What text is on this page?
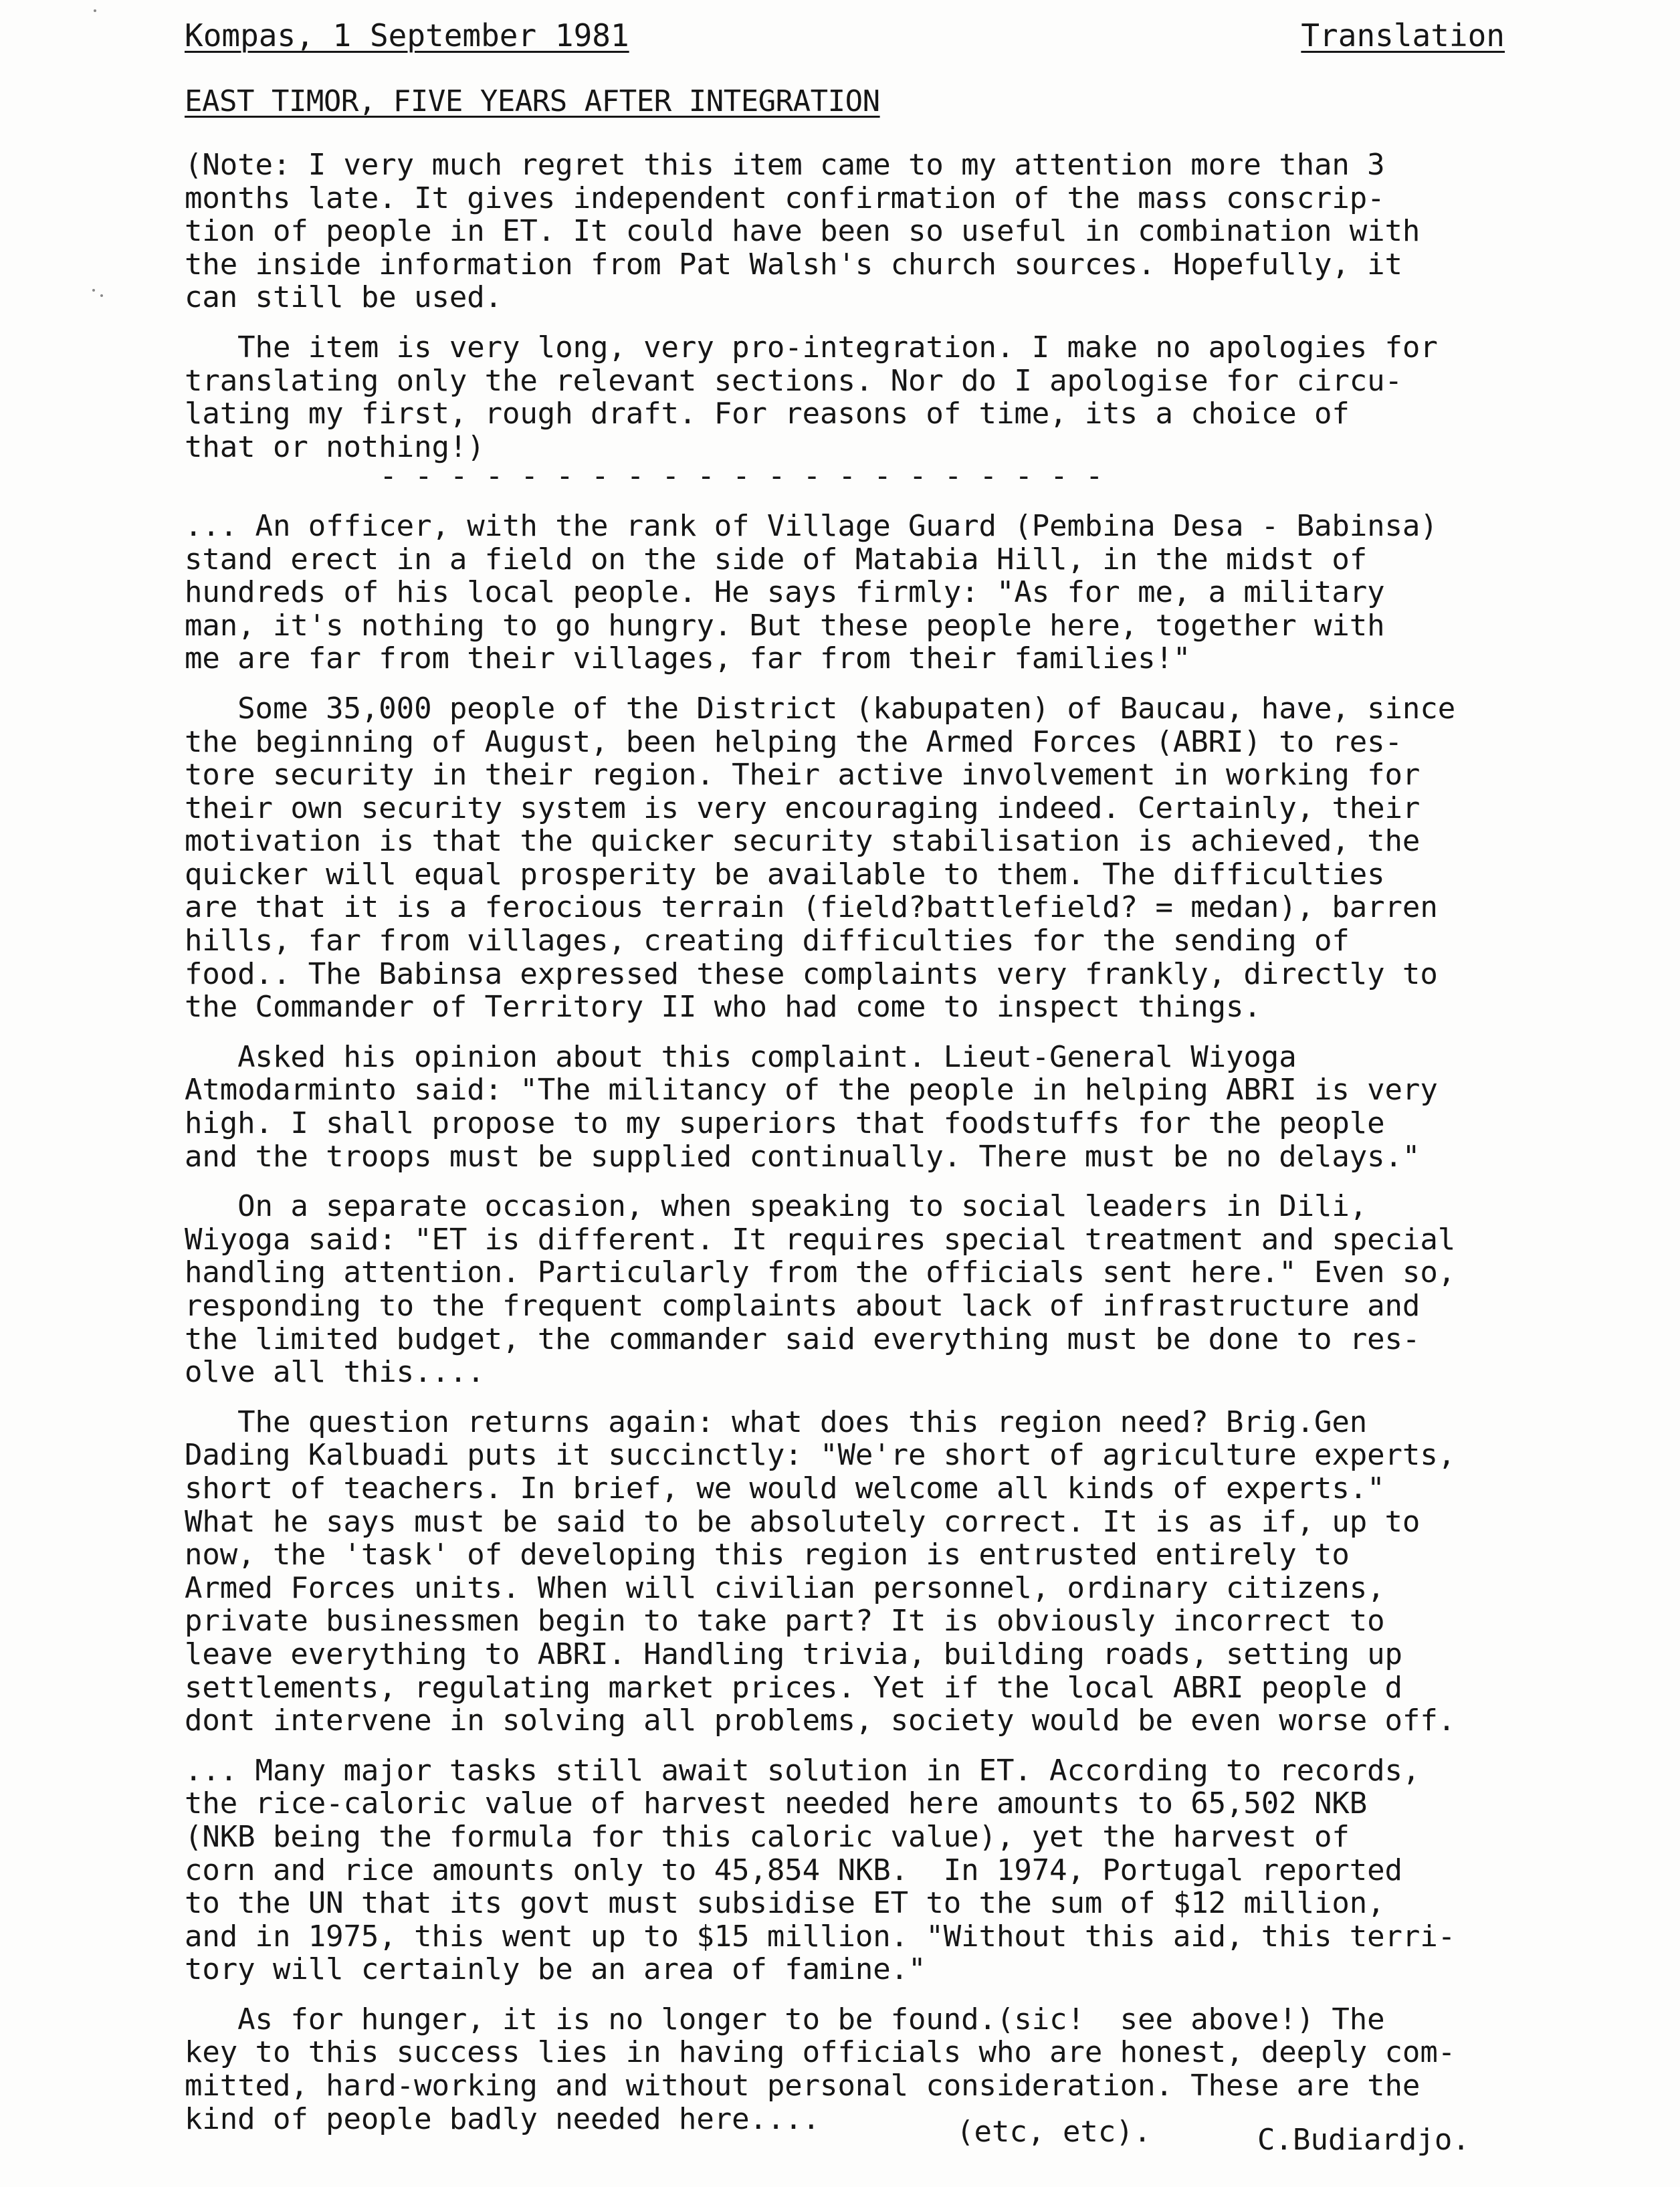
Kompas, 1 September 1981	Translation
EAST TIMOR, FIVE YEARS AFTER INTEGRATION
(Note: I very much regret this item came to my attention more than 3
months late. It gives independent confirmation of the mass conscrip-
tion of people in ET. It could have been so useful in combination with
the inside information from Pat Walsh's church sources. Hopefully, it
can still be used.
The item is very long, very pro-integration. I make no apologies for
translating only the relevant sections. Nor do I apologise for circu-
lating my first, rough draft. For reasons of time, its a choice of
that or nothing!)
- - - - - - - - - - - - - - - - - - - - -
... An officer, with the rank of Village Guard (Pembina Desa - Babinsa)
stand erect in a field on the side of Matabia Hill, in the midst of
hundreds of his local people. He says firmly: "As for me, a military
man, it's nothing to go hungry. But these people here, together with
me are far from their villages, far from their families!"
Some 35,000 people of the District (kabupaten) of Baucau, have, since
the beginning of August, been helping the Armed Forces (ABRI) to res-
tore security in their region. Their active involvement in working for
their own security system is very encouraging indeed. Certainly, their
motivation is that the quicker security stabilisation is achieved, the
quicker will equal prosperity be available to them. The difficulties
are that it is a ferocious terrain (field?battlefield? = medan), barren
hills, far from villages, creating difficulties for the sending of
food.. The Babinsa expressed these complaints very frankly, directly to
the Commander of Territory II who had come to inspect things.
Asked his opinion about this complaint. Lieut-General Wiyoga
Atmodarminto said: "The militancy of the people in helping ABRI is very
high. I shall propose to my superiors that foodstuffs for the people
and the troops must be supplied continually. There must be no delays."
On a separate occasion, when speaking to social leaders in Dili,
Wiyoga said: "ET is different. It requires special treatment and special
handling attention. Particularly from the officials sent here." Even so,
responding to the frequent complaints about lack of infrastructure and
the limited budget, the commander said everything must be done to res-
olve all this....
The question returns again: what does this region need? Brig.Gen
Dading Kalbuadi puts it succinctly: "We're short of agriculture experts,
short of teachers. In brief, we would welcome all kinds of experts."
What he says must be said to be absolutely correct. It is as if, up to
now, the 'task' of developing this region is entrusted entirely to
Armed Forces units. When will civilian personnel, ordinary citizens,
private businessmen begin to take part? It is obviously incorrect to
leave everything to ABRI. Handling trivia, building roads, setting up
settlements, regulating market prices. Yet if the local ABRI people d
dont intervene in solving all problems, society would be even worse off.
... Many major tasks still await solution in ET. According to records,
the rice-caloric value of harvest needed here amounts to 65,502 NKB
(NKB being the formula for this caloric value), yet the harvest of
corn and rice amounts only to 45,854 NKB.  In 1974, Portugal reported
to the UN that its govt must subsidise ET to the sum of $12 million,
and in 1975, this went up to $15 million. "Without this aid, this terri-
tory will certainly be an area of famine."
As for hunger, it is no longer to be found.(sic!  see above!) The
key to this success lies in having officials who are honest, deeply com-
mitted, hard-working and without personal consideration. These are the
kind of people badly needed here....	(etc, etc).	C.Budiardjo.
